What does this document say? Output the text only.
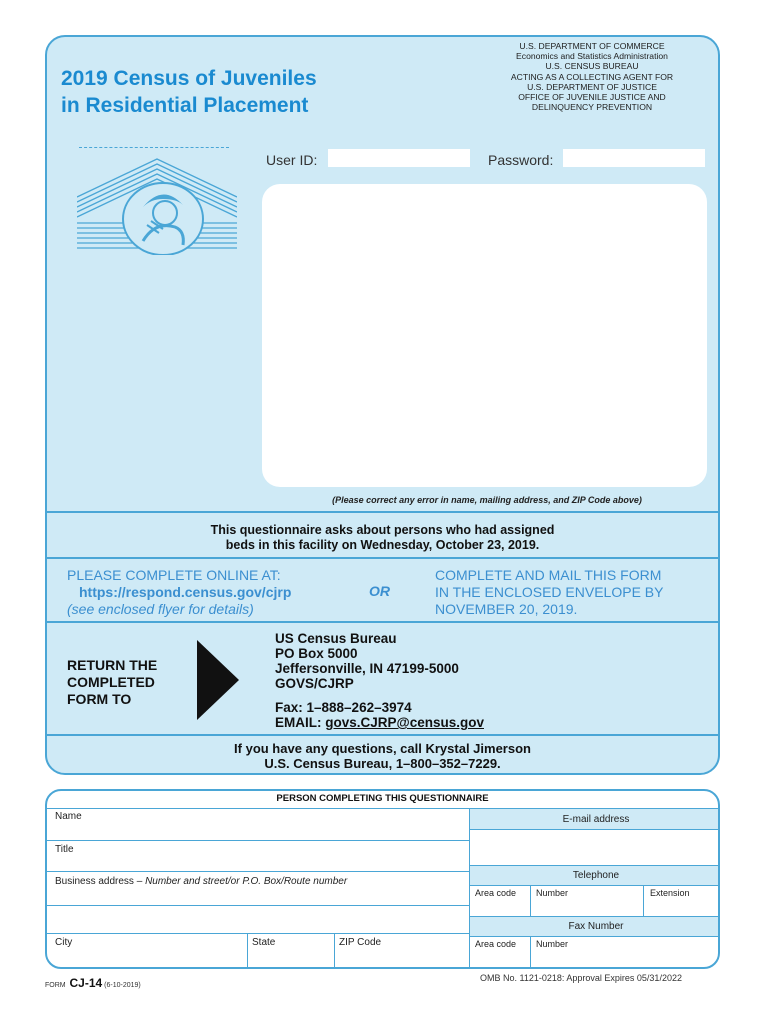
2019 Census of Juveniles
in Residential Placement
U.S. DEPARTMENT OF COMMERCE
Economics and Statistics Administration
U.S. CENSUS BUREAU
ACTING AS A COLLECTING AGENT FOR
U.S. DEPARTMENT OF JUSTICE
OFFICE OF JUVENILE JUSTICE AND
DELINQUENCY PREVENTION
User ID:	Password:
(Please correct any error in name, mailing address, and ZIP Code above)
This questionnaire asks about persons who had assigned
beds in this facility on Wednesday, October 23, 2019.
PLEASE COMPLETE ONLINE AT:
https://respond.census.gov/cjrp
(see enclosed flyer for details)
OR
COMPLETE AND MAIL THIS FORM
IN THE ENCLOSED ENVELOPE BY
NOVEMBER 20, 2019.
RETURN THE
COMPLETED
FORM TO
US Census Bureau
PO Box 5000
Jeffersonville, IN 47199-5000
GOVS/CJRP
Fax: 1–888–262–3974
EMAIL: govs.CJRP@census.gov
If you have any questions, call Krystal Jimerson
U.S. Census Bureau, 1–800–352–7229.
PERSON COMPLETING THIS QUESTIONNAIRE
Name
Title
Business address – Number and street/or P.O. Box/Route number
City	State	ZIP Code
E-mail address
Telephone
Area code Number	Extension
Fax Number
Area code Number
FORM CJ-14 (6-10-2019)
OMB No. 1121-0218: Approval Expires 05/31/2022
